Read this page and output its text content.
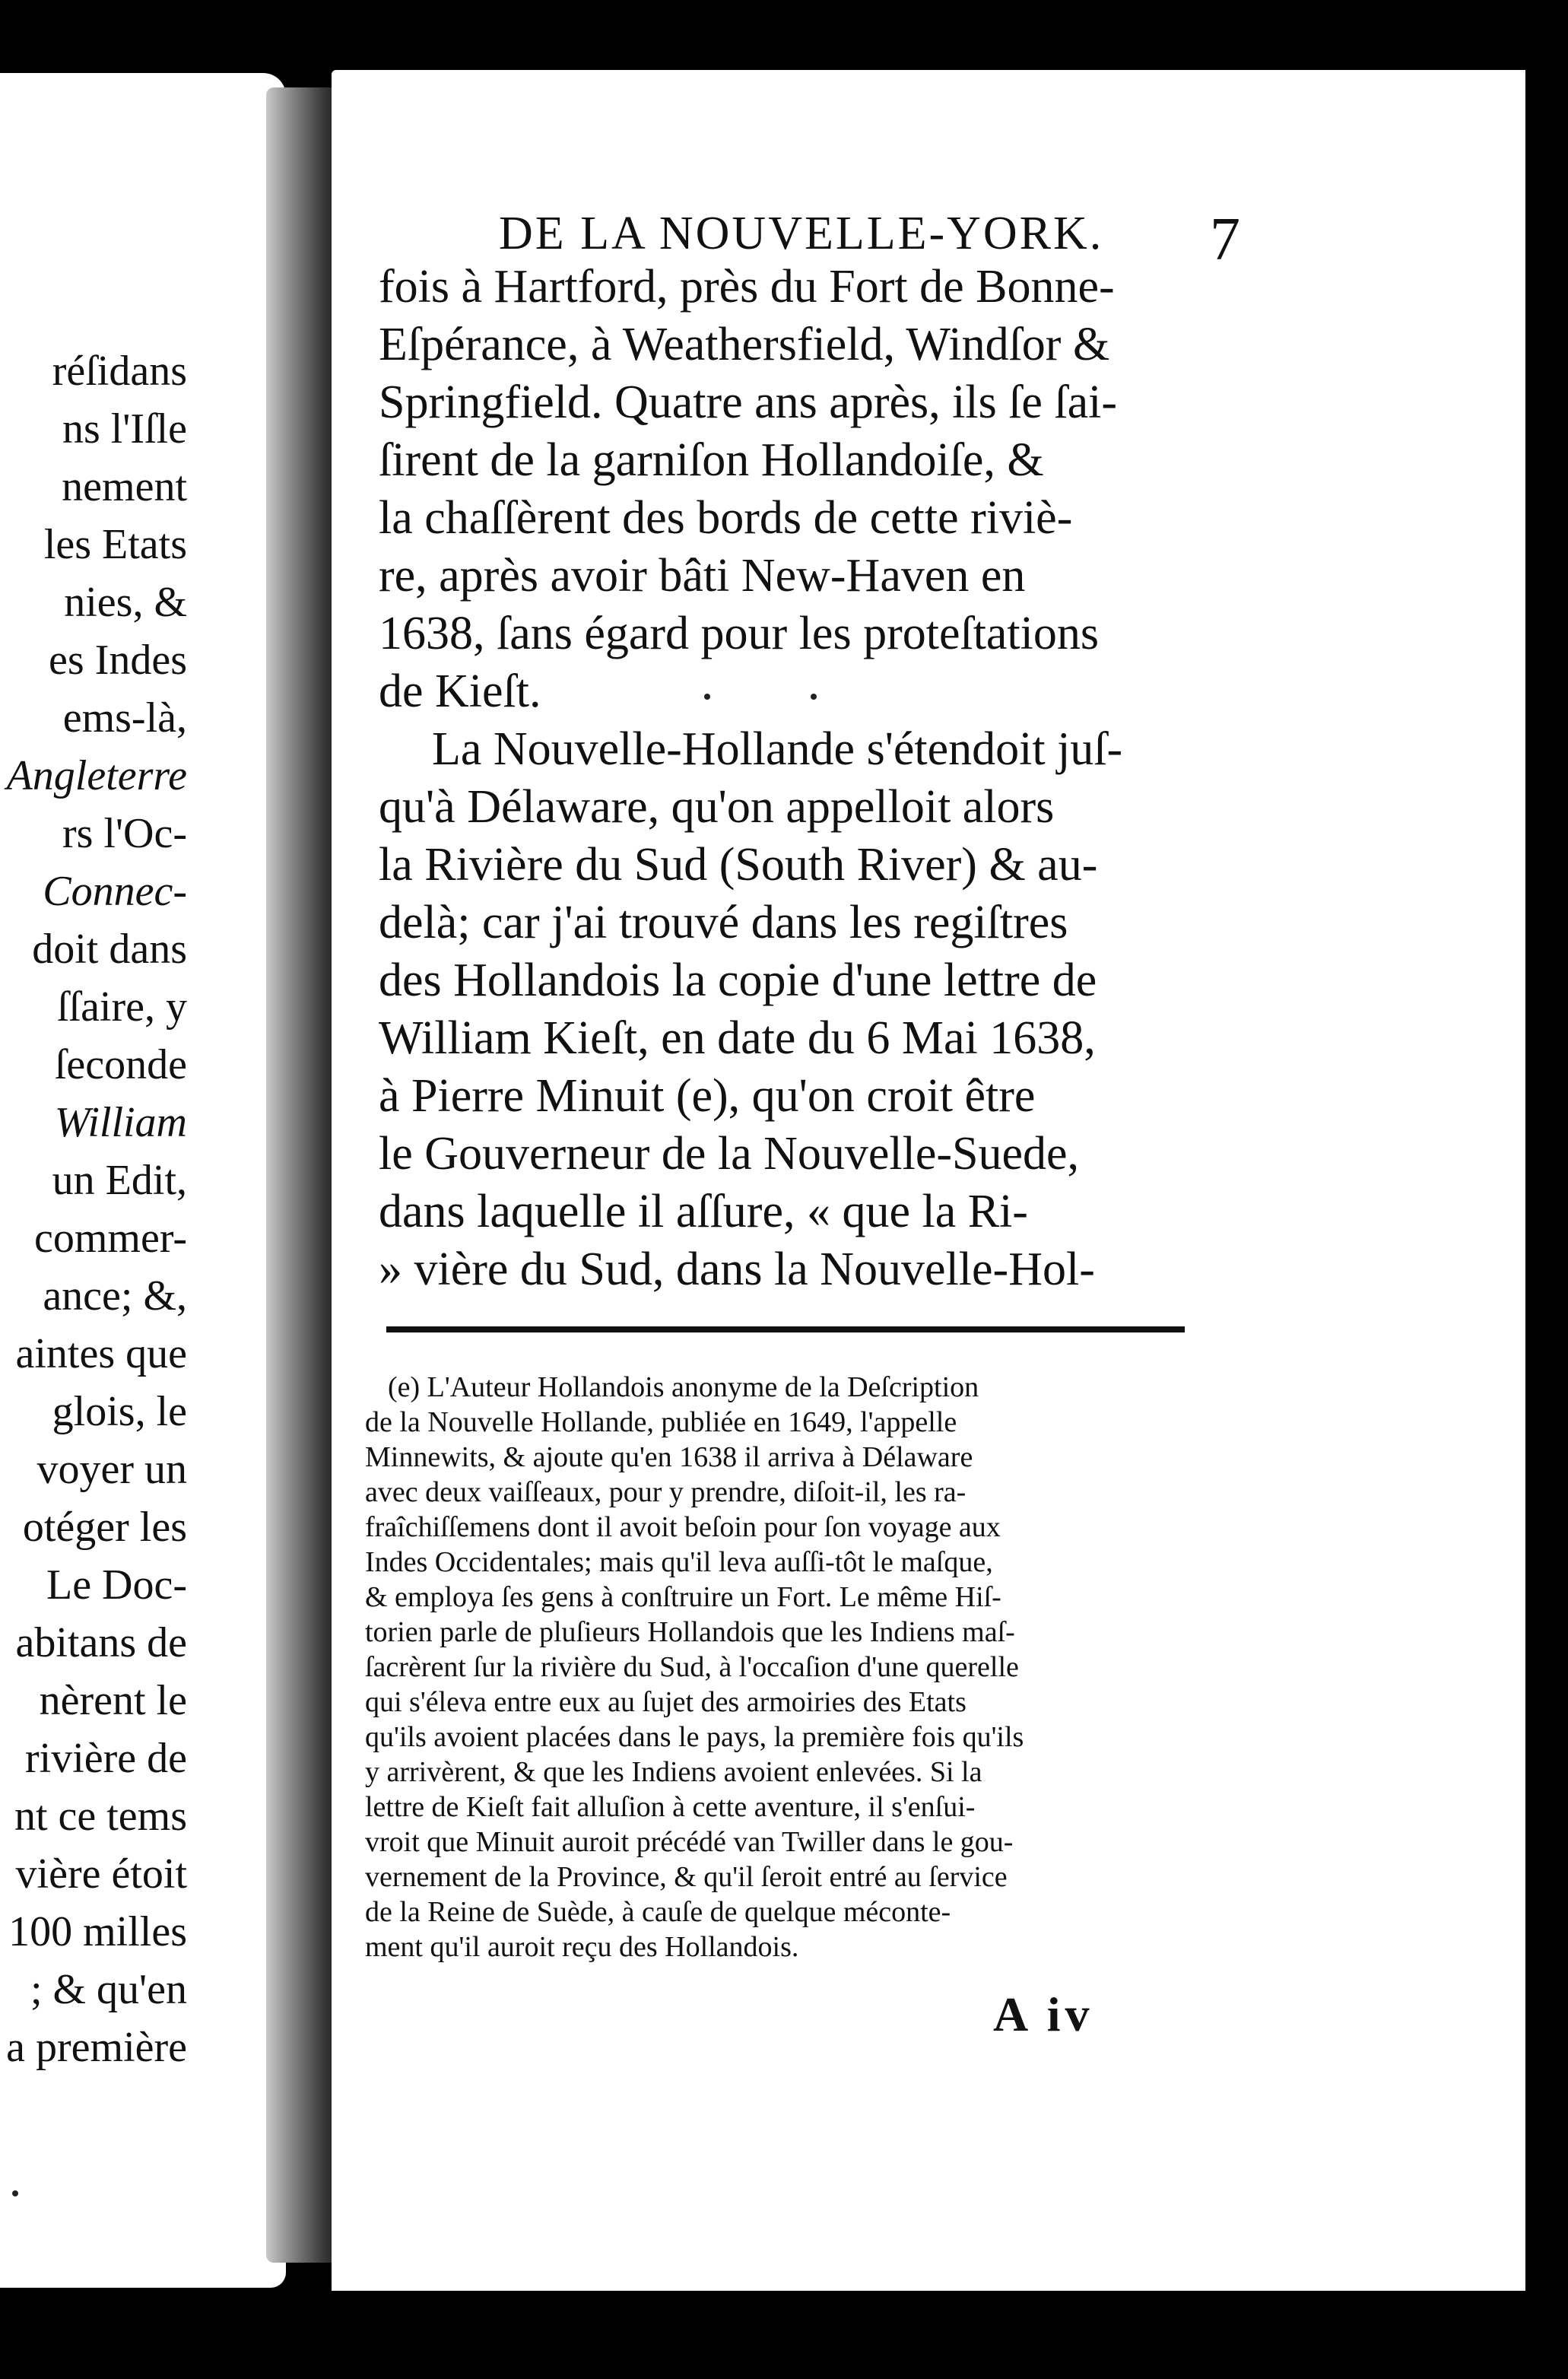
réſidans
ns l'Iſle
nement
les Etats
nies, &
es Indes
ems-là,
Angleterre
rs l'Oc-
Connec-
doit dans
ſſaire, y
ſeconde
William
un Edit,
commer-
ance; &,
aintes que
glois, le
voyer un
otéger les
Le Doc-
abitans de
nèrent le
rivière de
nt ce tems
vière étoit
100 milles
; & qu'en
a première
DE LA NOUVELLE-YORK.	7
fois à Hartford, près du Fort de Bonne-
Eſpérance, à Weathersfield, Windſor &
Springfield. Quatre ans après, ils ſe ſai-
ſirent de la garniſon Hollandoiſe, &
la chaſſèrent des bords de cette riviè-
re, après avoir bâti New-Haven en
1638, ſans égard pour les proteſtations
de Kieſt.
La Nouvelle-Hollande s'étendoit juſ-
qu'à Délaware, qu'on appelloit alors
la Rivière du Sud (South River) & au-
delà; car j'ai trouvé dans les regiſtres
des Hollandois la copie d'une lettre de
William Kieſt, en date du 6 Mai 1638,
à Pierre Minuit (e), qu'on croit être
le Gouverneur de la Nouvelle-Suede,
dans laquelle il aſſure, « que la Ri-
» vière du Sud, dans la Nouvelle-Hol-
(e) L'Auteur Hollandois anonyme de la Deſcription
de la Nouvelle Hollande, publiée en 1649, l'appelle
Minnewits, & ajoute qu'en 1638 il arriva à Délaware
avec deux vaiſſeaux, pour y prendre, diſoit-il, les ra-
fraîchiſſemens dont il avoit beſoin pour ſon voyage aux
Indes Occidentales; mais qu'il leva auſſi-tôt le maſque,
& employa ſes gens à conſtruire un Fort. Le même Hiſ-
torien parle de pluſieurs Hollandois que les Indiens maſ-
ſacrèrent ſur la rivière du Sud, à l'occaſion d'une querelle
qui s'éleva entre eux au ſujet des armoiries des Etats
qu'ils avoient placées dans le pays, la première fois qu'ils
y arrivèrent, & que les Indiens avoient enlevées. Si la
lettre de Kieſt fait alluſion à cette aventure, il s'enſui-
vroit que Minuit auroit précédé van Twiller dans le gou-
vernement de la Province, & qu'il ſeroit entré au ſervice
de la Reine de Suède, à cauſe de quelque méconte-
ment qu'il auroit reçu des Hollandois.
A iv
